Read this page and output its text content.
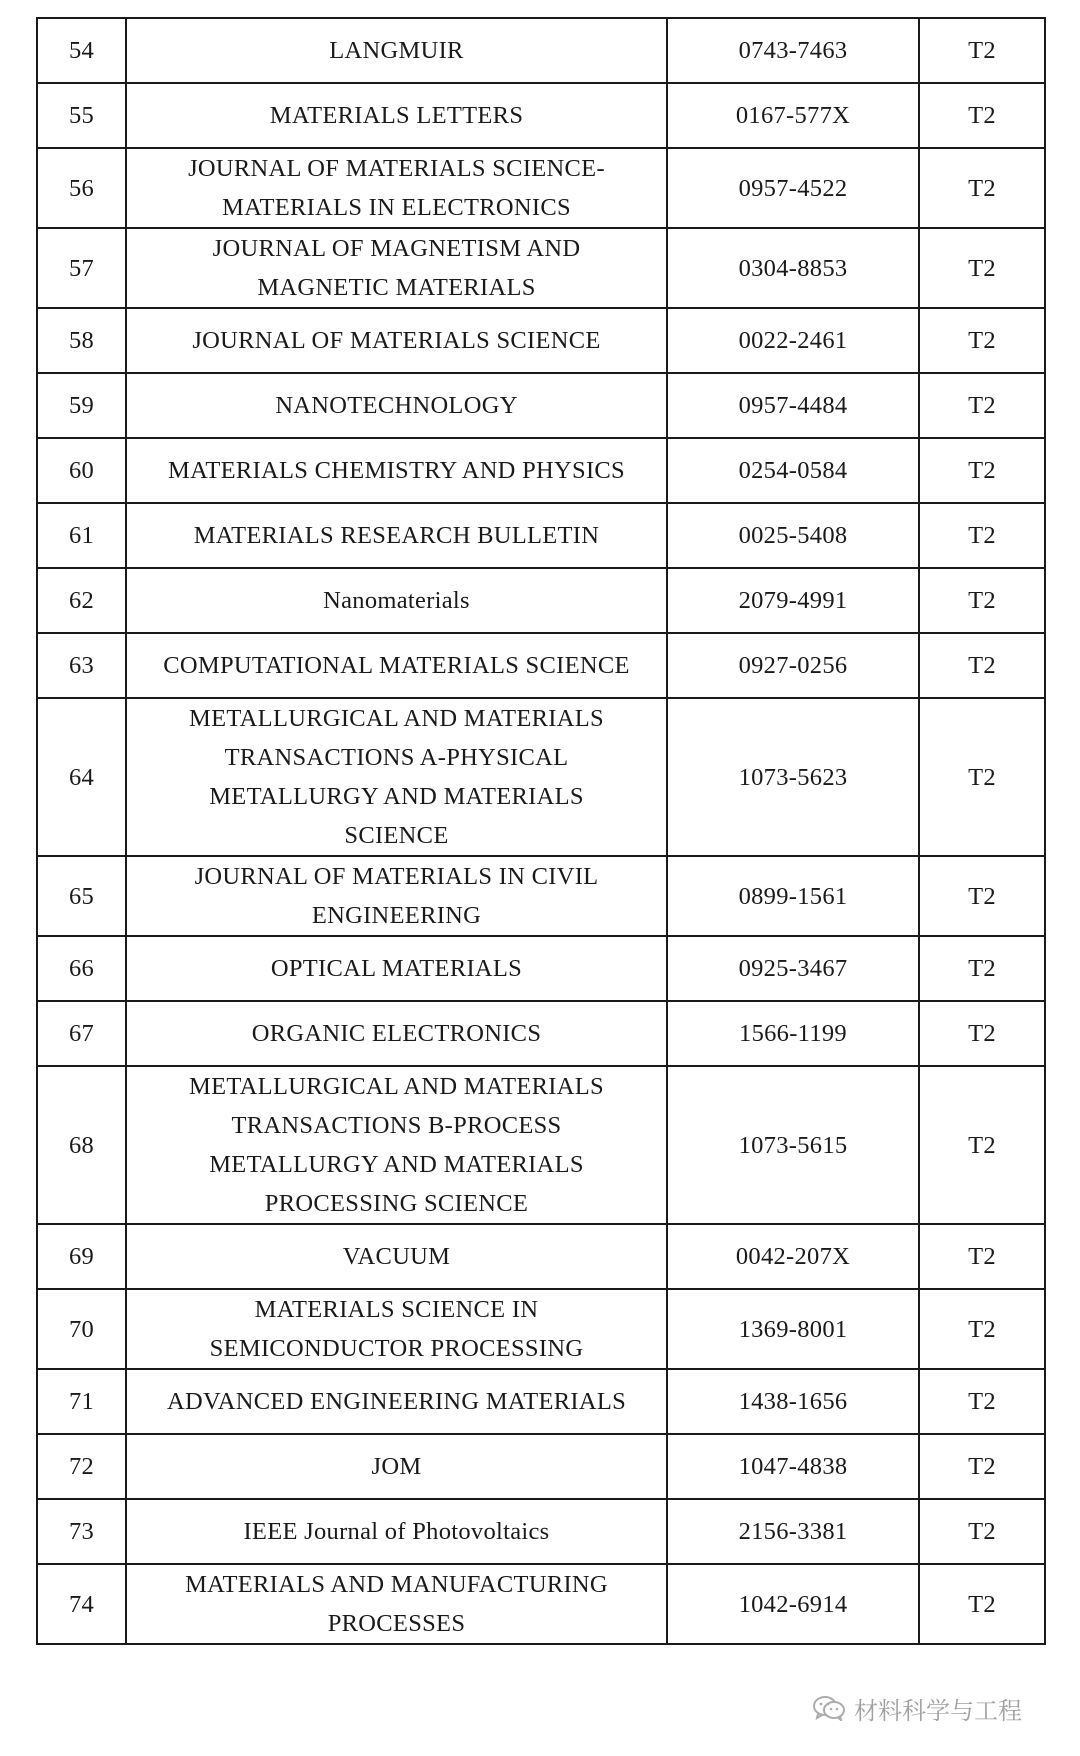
54	LANGMUIR	0743-7463	T2
55	MATERIALS LETTERS	0167-577X	T2
56	JOURNAL OF MATERIALS SCIENCE-
MATERIALS IN ELECTRONICS	0957-4522	T2
57	JOURNAL OF MAGNETISM AND
MAGNETIC MATERIALS	0304-8853	T2
58	JOURNAL OF MATERIALS SCIENCE	0022-2461	T2
59	NANOTECHNOLOGY	0957-4484	T2
60	MATERIALS CHEMISTRY AND PHYSICS	0254-0584	T2
61	MATERIALS RESEARCH BULLETIN	0025-5408	T2
62	Nanomaterials	2079-4991	T2
63	COMPUTATIONAL MATERIALS SCIENCE	0927-0256	T2
64	METALLURGICAL AND MATERIALS
TRANSACTIONS A-PHYSICAL
METALLURGY AND MATERIALS
SCIENCE	1073-5623	T2
65	JOURNAL OF MATERIALS IN CIVIL
ENGINEERING	0899-1561	T2
66	OPTICAL MATERIALS	0925-3467	T2
67	ORGANIC ELECTRONICS	1566-1199	T2
68	METALLURGICAL AND MATERIALS
TRANSACTIONS B-PROCESS
METALLURGY AND MATERIALS
PROCESSING SCIENCE	1073-5615	T2
69	VACUUM	0042-207X	T2
70	MATERIALS SCIENCE IN
SEMICONDUCTOR PROCESSING	1369-8001	T2
71	ADVANCED ENGINEERING MATERIALS	1438-1656	T2
72	JOM	1047-4838	T2
73	IEEE Journal of Photovoltaics	2156-3381	T2
74	MATERIALS AND MANUFACTURING
PROCESSES	1042-6914	T2
材料科学与工程
